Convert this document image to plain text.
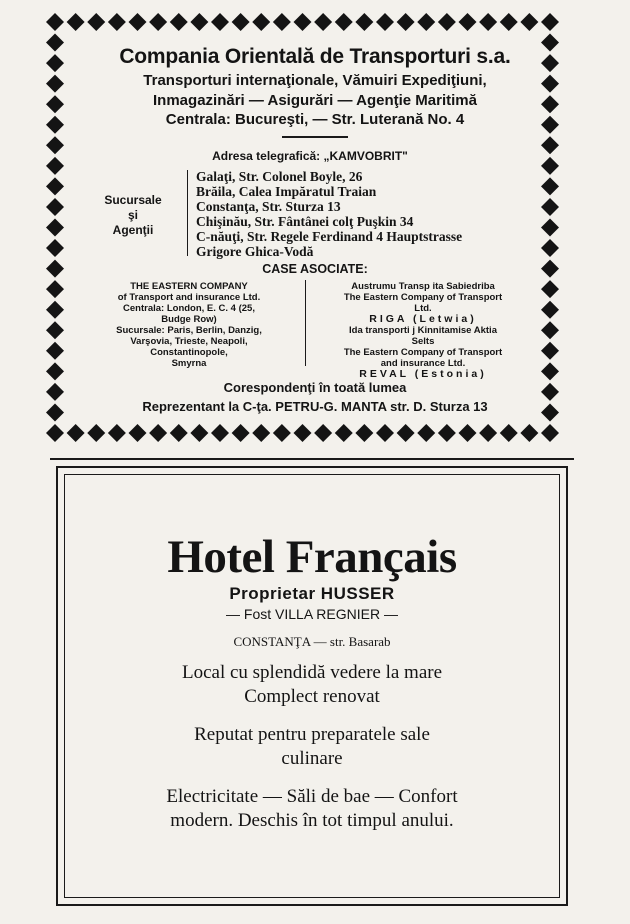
Compania Orientală de Transporturi s.a.
Transporturi internaţionale, Vămuiri Expediţiuni,
Inmagazinări — Asigurări — Agenţie Maritimă
Centrala: Bucureşti, — Str. Luterană No. 4
Adresa telegrafică: „KAMVOBRIT"
Sucursale
şi
Agenţii
Galaţi, Str. Colonel Boyle, 26
Brăila, Calea Impăratul Traian
Constanţa, Str. Sturza 13
Chişinău, Str. Fântânei colţ Puşkin 34
C-năuţi, Str. Regele Ferdinand 4 Hauptstrasse
Grigore Ghica-Vodă
CASE ASOCIATE:
THE EASTERN COMPANY
of Transport and insurance Ltd.
Centrala: London, E. C. 4 (25,
Budge Row)
Sucursale: Paris, Berlin, Danzig,
Varşovia, Trieste, Neapoli, Constantinopole,
Smyrna
Austrumu Transp ita Sabiedriba
The Eastern Company of Transport
Ltd.
RIGA (Letwia)
Ida transporti j Kinnitamise Aktia
Selts
The Eastern Company of Transport
and insurance Ltd.
REVAL (Estonia)
Corespondenţi în toată lumea
Reprezentant la C-ţa. PETRU-G. MANTA str. D. Sturza 13
Hotel Français
Proprietar HUSSER
— Fost VILLA REGNIER —
CONSTANŢA — str. Basarab
Local cu splendidă vedere la mare
Complect renovat
Reputat pentru preparatele sale
culinare
Electricitate — Săli de bae — Confort
modern. Deschis în tot timpul anului.
